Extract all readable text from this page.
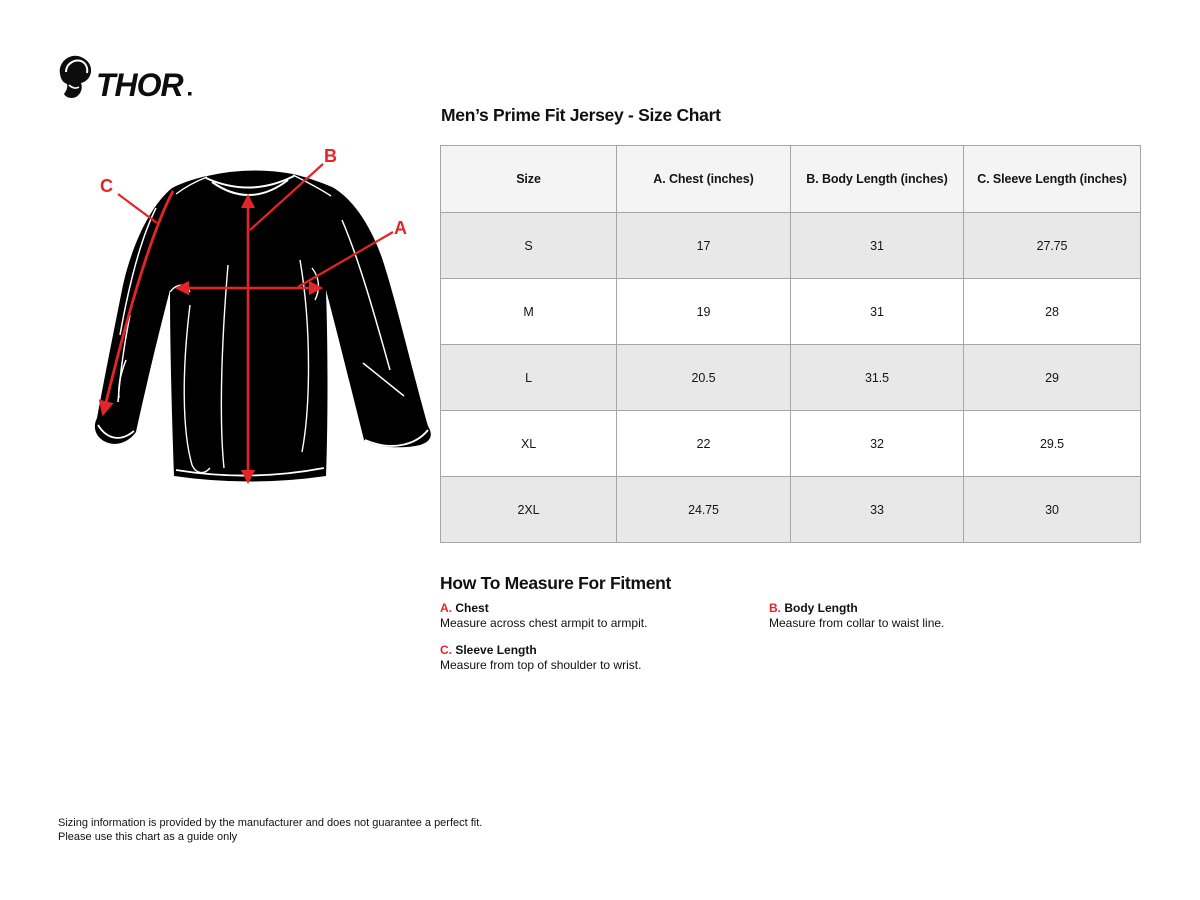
THOR
B
A
C
Men’s Prime Fit Jersey - Size Chart
Size	A. Chest (inches)	B. Body Length (inches)	C. Sleeve Length (inches)
S	17	31	27.75
M	19	31	28
L	20.5	31.5	29
XL	22	32	29.5
2XL	24.75	33	30
How To Measure For Fitment
A. Chest
Measure across chest armpit to armpit.
B. Body Length
Measure from collar to waist line.
C. Sleeve Length
Measure from top of shoulder to wrist.
Sizing information is provided by the manufacturer and does not guarantee a perfect fit.
Please use this chart as a guide only
